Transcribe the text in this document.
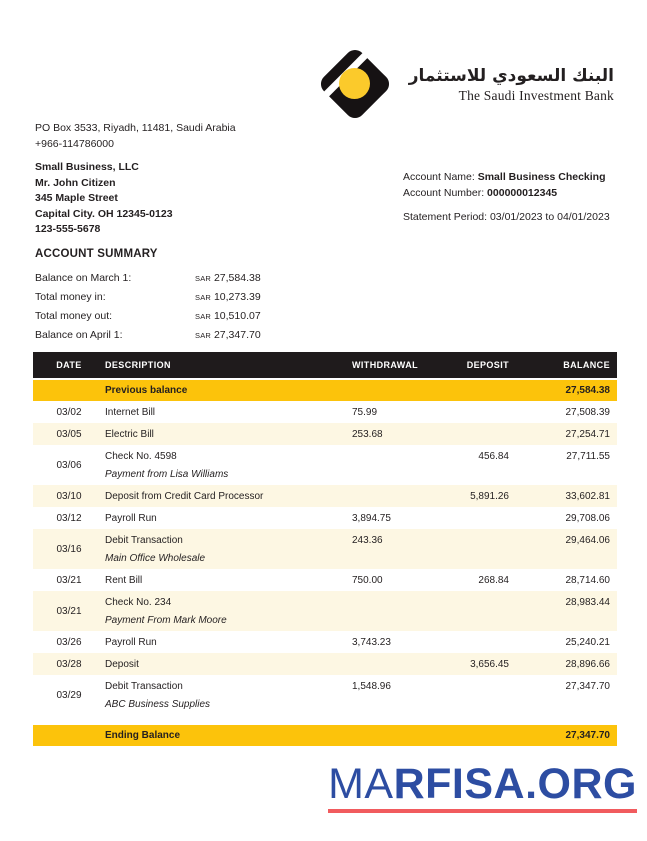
البنك السعودي للاستثمار
The Saudi Investment Bank
PO Box 3533, Riyadh, 11481, Saudi Arabia
+966-114786000
Small Business, LLC
Mr. John Citizen
345 Maple Street
Capital City. OH 12345-0123
123-555-5678
Account Name: Small Business Checking
Account Number: 000000012345
Statement Period: 03/01/2023 to 04/01/2023
ACCOUNT SUMMARY
Balance on March 1:	SAR 27,584.38
Total money in:	SAR 10,273.39
Total money out:	SAR 10,510.07
Balance on April 1:	SAR 27,347.70
DATE	DESCRIPTION	WITHDRAWAL	DEPOSIT	BALANCE
	Previous balance			27,584.38
03/02	Internet Bill	75.99		27,508.39
03/05	Electric Bill	253.68		27,254.71
03/06	Check No. 4598
Payment from Lisa Williams		456.84	27,711.55
03/10	Deposit from Credit Card Processor		5,891.26	33,602.81
03/12	Payroll Run	3,894.75		29,708.06
03/16	Debit Transaction
Main Office Wholesale	243.36		29,464.06
03/21	Rent Bill	750.00	268.84	28,714.60
03/21	Check No. 234
Payment From Mark Moore			28,983.44
03/26	Payroll Run	3,743.23		25,240.21
03/28	Deposit		3,656.45	28,896.66
03/29	Debit Transaction
ABC Business Supplies	1,548.96		27,347.70

	Ending Balance			27,347.70
MARFISA.ORG
